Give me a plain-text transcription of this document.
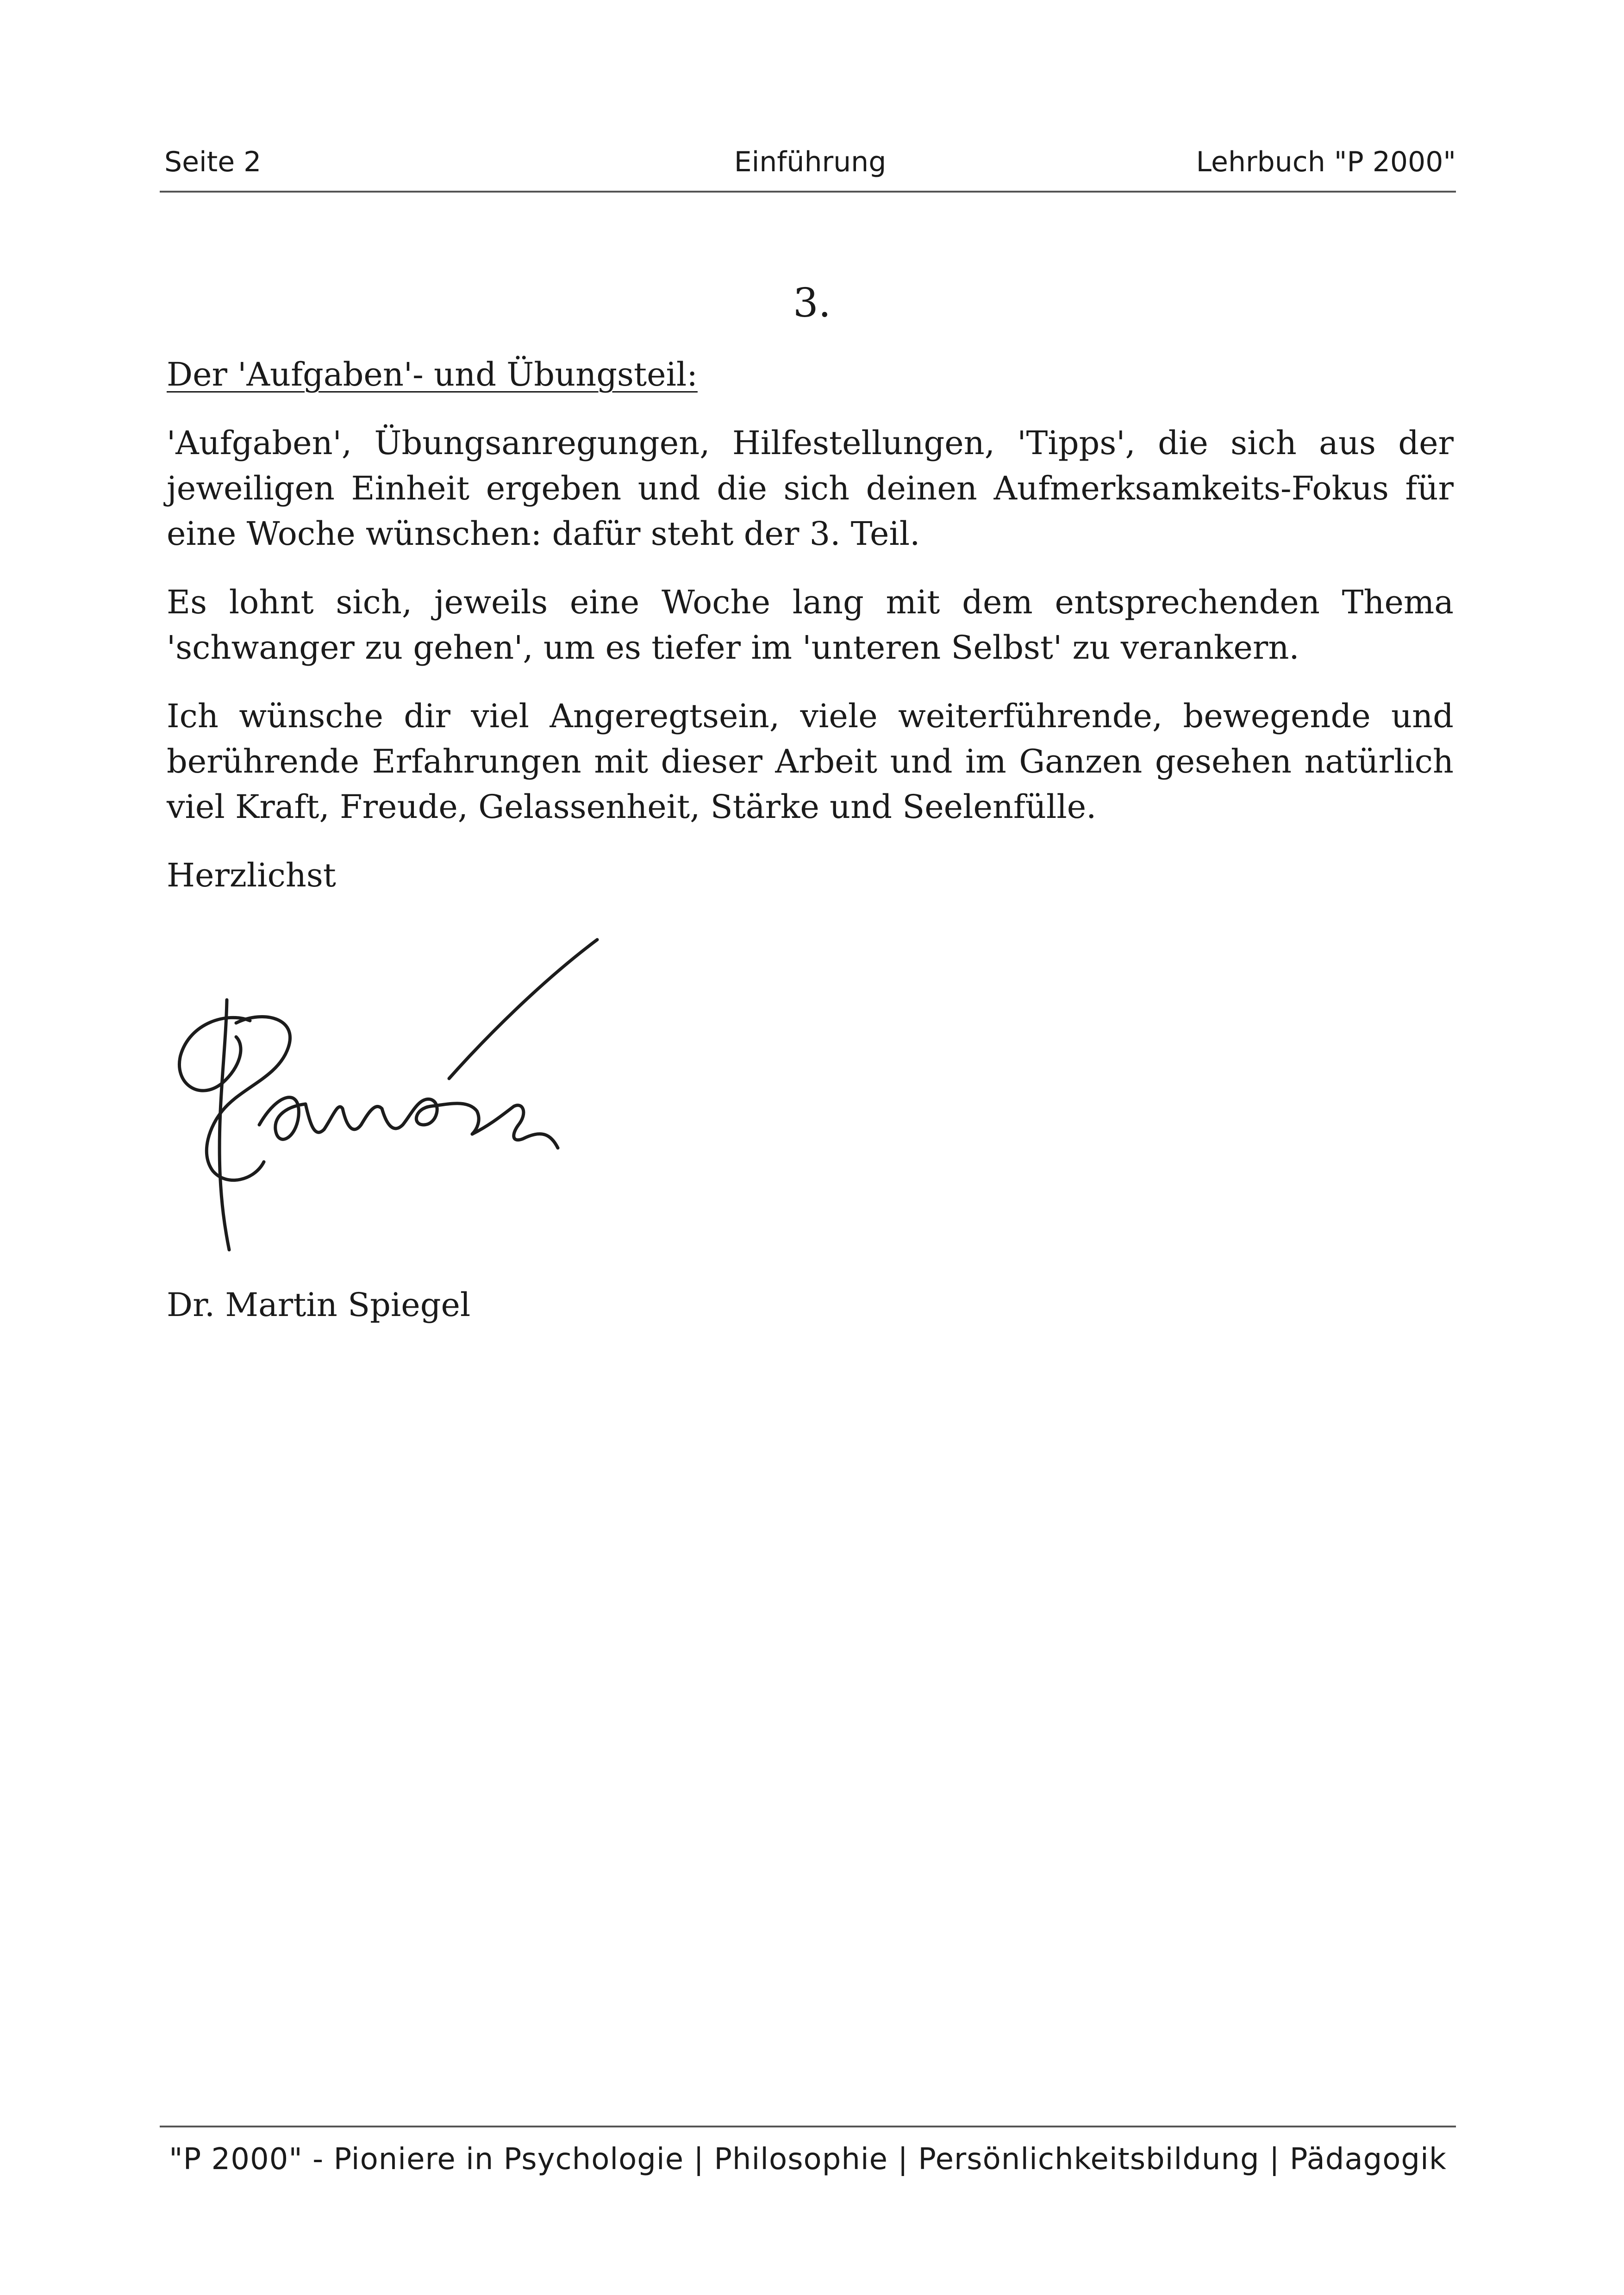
Seite 2	Einführung	Lehrbuch "P 2000"
3.
Der 'Aufgaben'- und Übungsteil:

'Aufgaben', Übungsanregungen, Hilfestellungen, 'Tipps', die sich aus der jeweiligen Einheit ergeben und die sich deinen Aufmerksamkeits-Fokus für eine Woche wünschen: dafür steht der 3. Teil.

Es lohnt sich, jeweils eine Woche lang mit dem entsprechenden Thema 'schwanger zu gehen', um es tiefer im 'unteren Selbst' zu verankern.

Ich wünsche dir viel Angeregtsein, viele weiterführende, bewegende und berührende Erfahrungen mit dieser Arbeit und im Ganzen gesehen natürlich viel Kraft, Freude, Gelassenheit, Stärke und Seelenfülle.

Herzlichst

Dr. Martin Spiegel
"P 2000" - Pioniere in Psychologie | Philosophie | Persönlichkeitsbildung | Pädagogik
